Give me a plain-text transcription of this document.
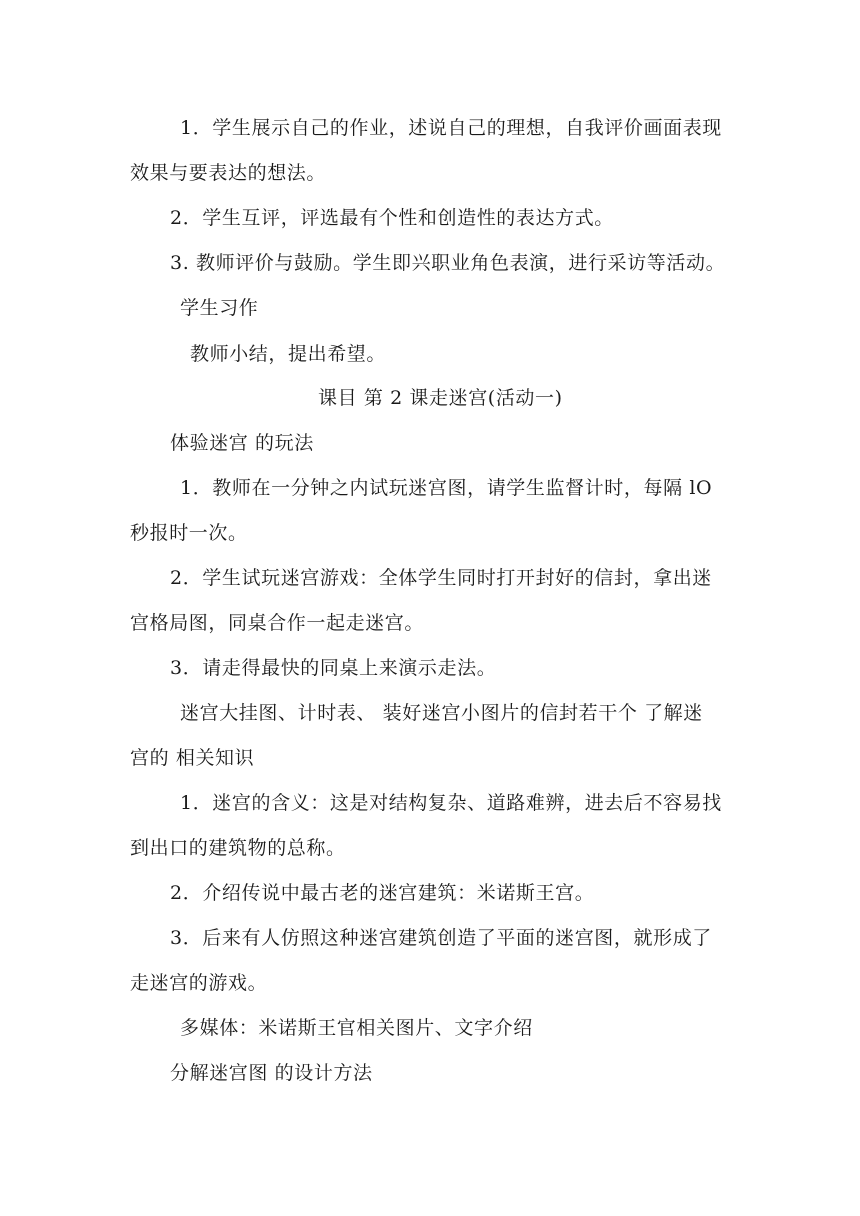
1．学生展示自己的作业，述说自己的理想，自我评价画面表现
效果与要表达的想法。
2．学生互评，评选最有个性和创造性的表达方式。
3. 教师评价与鼓励。学生即兴职业角色表演，进行采访等活动。
学生习作
教师小结，提出希望。
课目 第 2 课走迷宫(活动一)
体验迷宫 的玩法
1．教师在一分钟之内试玩迷宫图，请学生监督计时，每隔 lO
秒报时一次。
2．学生试玩迷宫游戏：全体学生同时打开封好的信封，拿出迷
宫格局图，同桌合作一起走迷宫。
3．请走得最快的同桌上来演示走法。
迷宫大挂图、计时表、 装好迷宫小图片的信封若干个 了解迷
宫的 相关知识
1．迷宫的含义：这是对结构复杂、道路难辨，进去后不容易找
到出口的建筑物的总称。
2．介绍传说中最古老的迷宫建筑：米诺斯王宫。
3．后来有人仿照这种迷宫建筑创造了平面的迷宫图，就形成了
走迷宫的游戏。
多媒体：米诺斯王官相关图片、文字介绍
分解迷宫图 的设计方法
